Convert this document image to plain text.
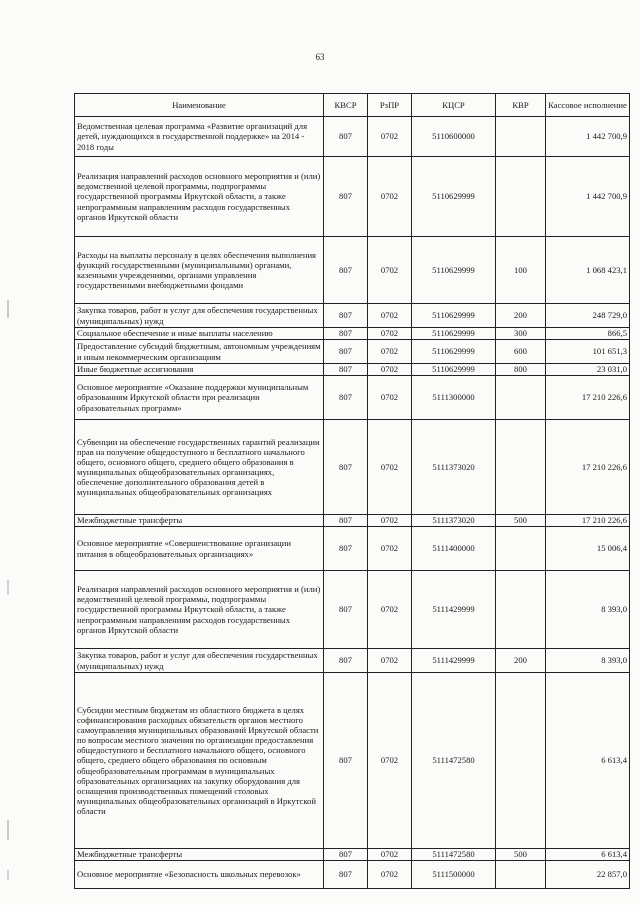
63
Наименование	КВСР	РзПР	КЦСР	КВР	Кассовое исполнение
Ведомственная целевая программа «Развитие организаций для детей, нуждающихся в государственной поддержке» на 2014 - 2018 годы	807	0702	5110600000		1 442 700,9
Реализация направлений расходов основного мероприятия и (или) ведомственной целевой программы, подпрограммы государственной программы Иркутской области, а также непрограммным направлениям расходов государственных органов Иркутской области	807	0702	5110629999		1 442 700,9
Расходы на выплаты персоналу в целях обеспечения выполнения функций государственными (муниципальными) органами, казенными учреждениями, органами управления государственными внебюджетными фондами	807	0702	5110629999	100	1 068 423,1
Закупка товаров, работ и услуг для обеспечения государственных (муниципальных) нужд	807	0702	5110629999	200	248 729,0
Социальное обеспечение и иные выплаты населению	807	0702	5110629999	300	866,5
Предоставление субсидий бюджетным, автономным учреждениям и иным некоммерческим организациям	807	0702	5110629999	600	101 651,3
Иные бюджетные ассигнования	807	0702	5110629999	800	23 031,0
Основное мероприятие «Оказание поддержки муниципальным образованиям Иркутской области при реализации образовательных программ»	807	0702	5111300000		17 210 226,6
Субвенции на обеспечение государственных гарантий реализации прав на получение общедоступного и бесплатного начального общего, основного общего, среднего общего образования в муниципальных общеобразовательных организациях, обеспечение дополнительного образования детей в муниципальных общеобразовательных организациях	807	0702	5111373020		17 210 226,6
Межбюджетные трансферты	807	0702	5111373020	500	17 210 226,6
Основное мероприятие «Совершенствование организации питания в общеобразовательных организациях»	807	0702	5111400000		15 006,4
Реализация направлений расходов основного мероприятия и (или) ведомственной целевой программы, подпрограммы государственной программы Иркутской области, а также непрограммным направлениям расходов государственных органов Иркутской области	807	0702	5111429999		8 393,0
Закупка товаров, работ и услуг для обеспечения государственных (муниципальных) нужд	807	0702	5111429999	200	8 393,0
Субсидии местным бюджетам из областного бюджета в целях софинансирования расходных обязательств органов местного самоуправления муниципальных образований Иркутской области по вопросам местного значения по организации предоставления общедоступного и бесплатного начального общего, основного общего, среднего общего образования по основным общеобразовательным программам в муниципальных образовательных организациях на закупку оборудования для оснащения производственных помещений столовых муниципальных общеобразовательных организаций в Иркутской области	807	0702	5111472580		6 613,4
Межбюджетные трансферты	807	0702	5111472580	500	6 613,4
Основное мероприятие «Безопасность школьных перевозок»	807	0702	5111500000		22 857,0
